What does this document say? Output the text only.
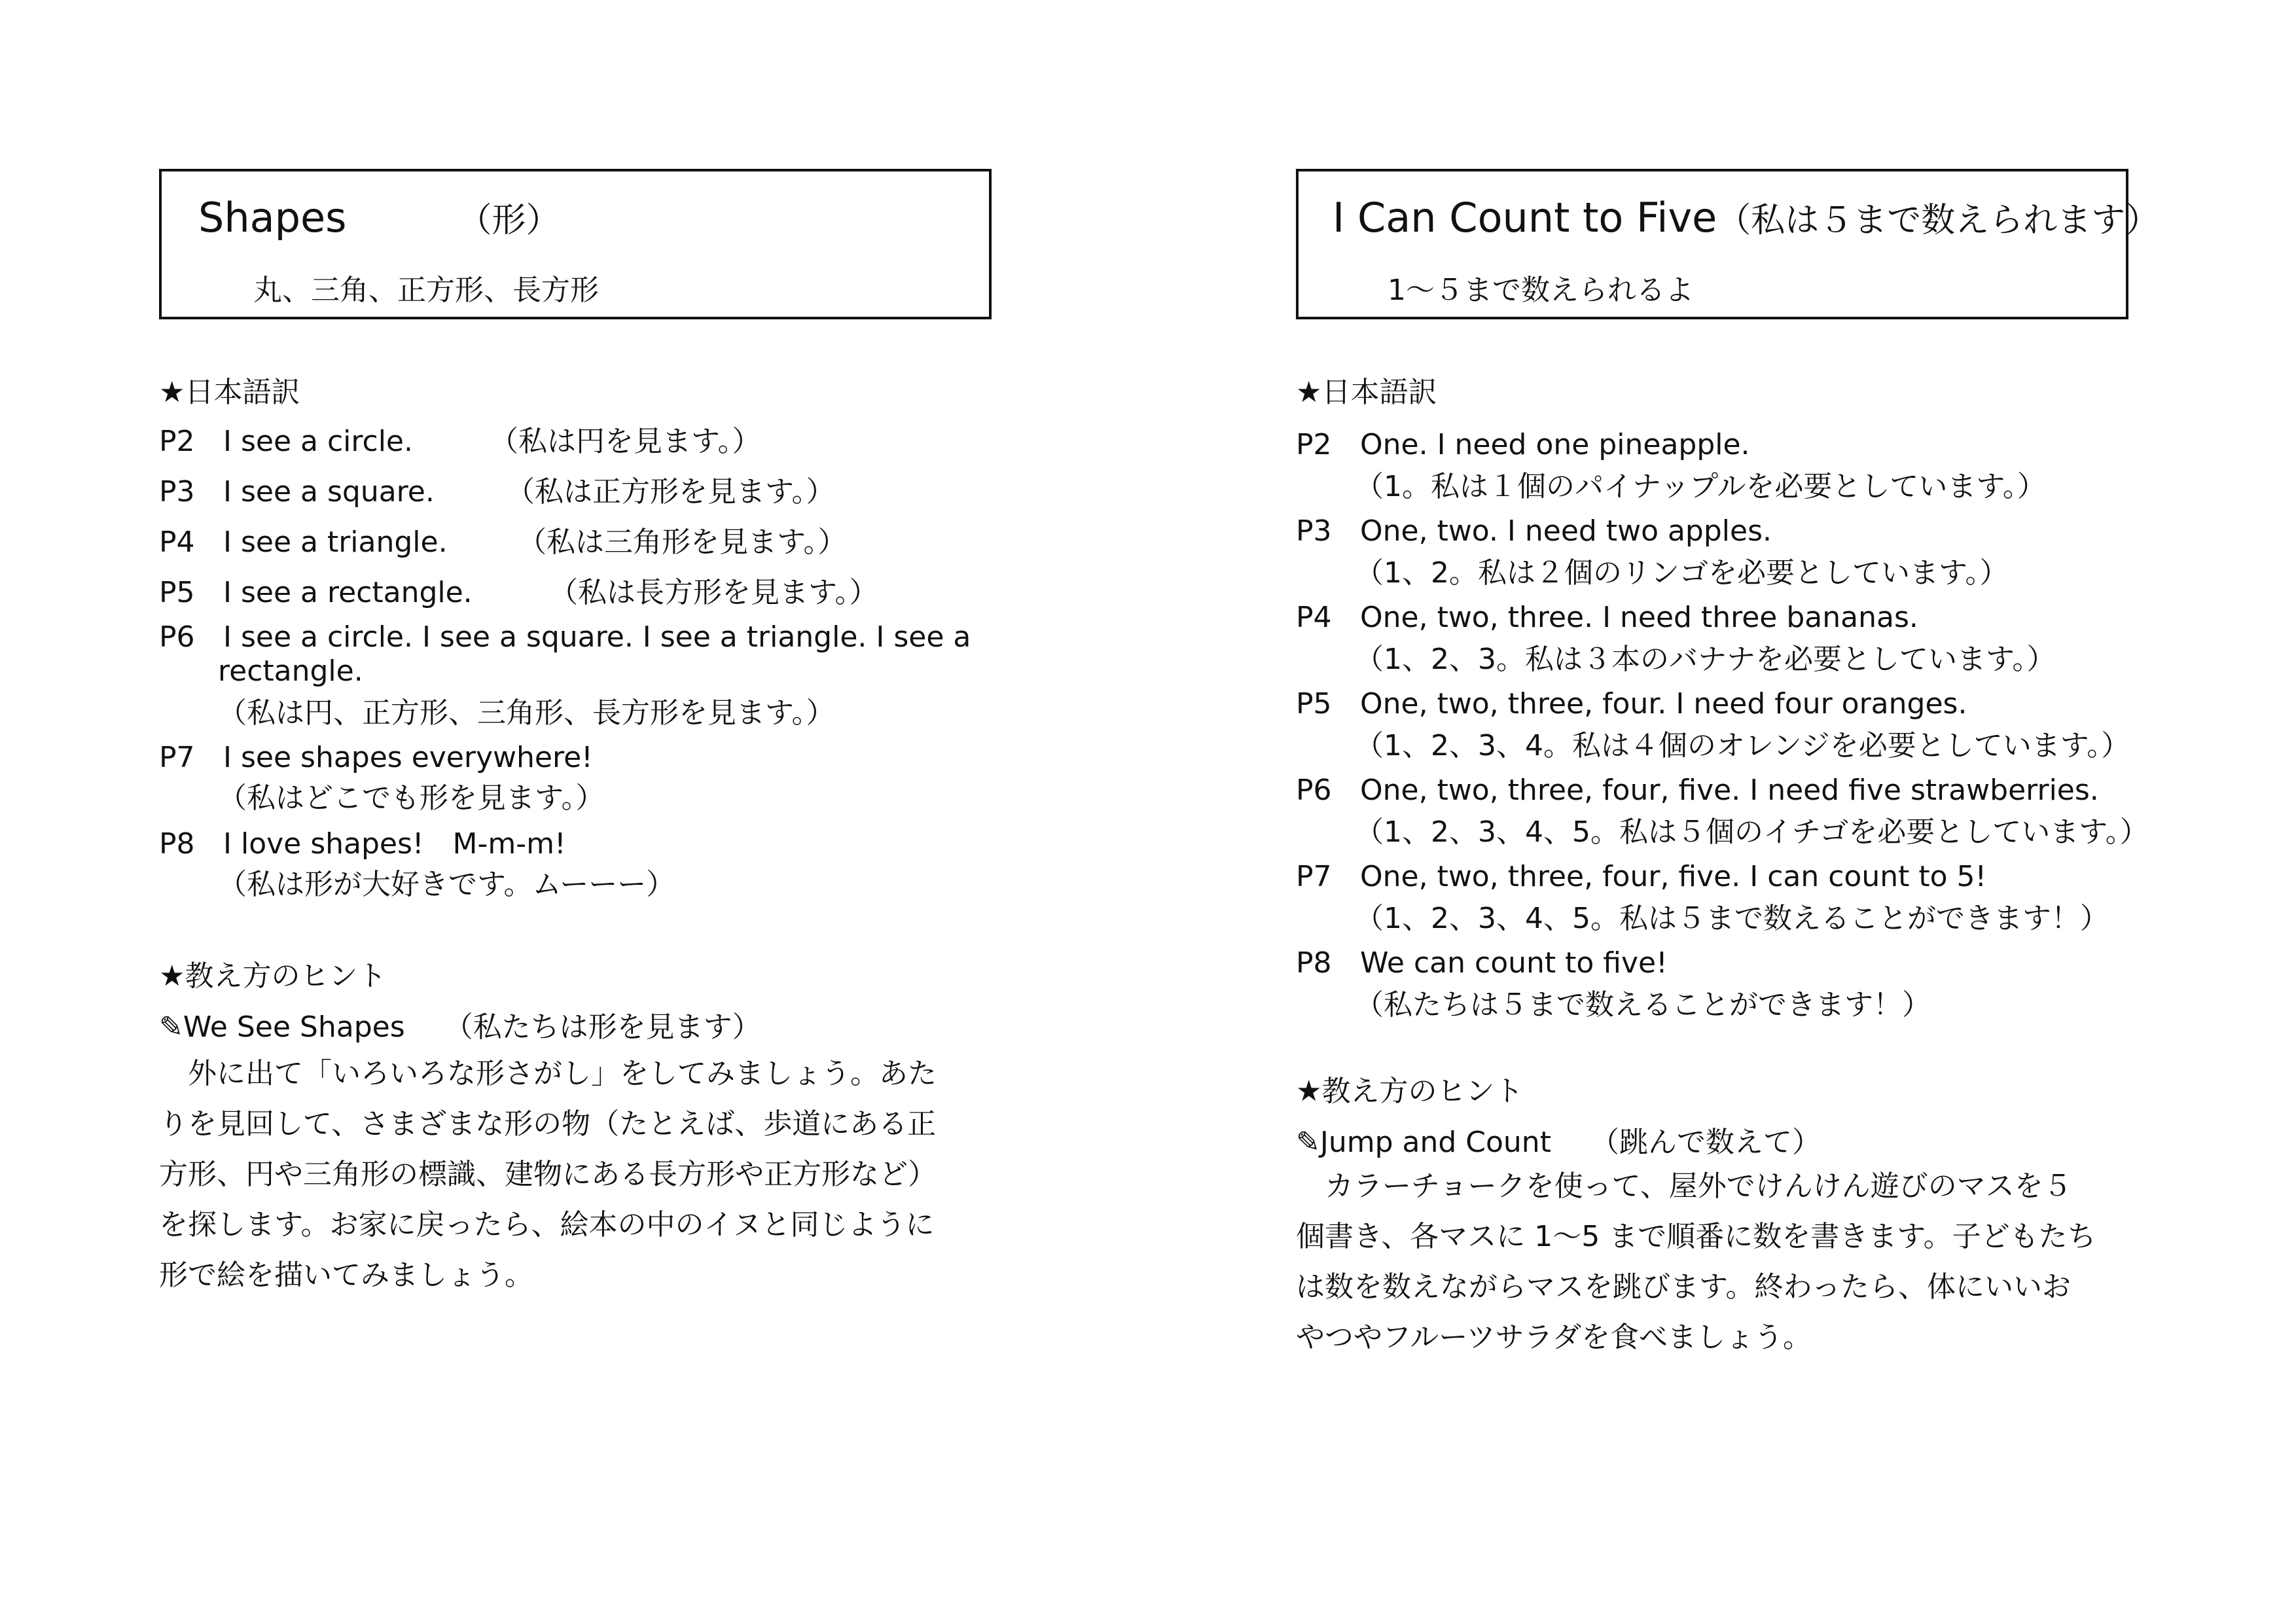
Shapes	（形）
丸、三角、正方形、長方形
★日本語訳
P2 I see a circle.	（私は円を見ます。）
P3 I see a square. （私は正方形を見ます。）
P4 I see a triangle. （私は三角形を見ます。）
P5 I see a rectangle.	（私は長方形を見ます。）
P6 I see a circle. I see a square. I see a triangle. I see a
rectangle.
（私は円、正方形、三角形、長方形を見ます。）
P7 I see shapes everywhere!
（私はどこでも形を見ます。）
P8 I love shapes!　M-m-m!
（私は形が大好きです。ムーーー）
★教え方のヒント
✎We See Shapes （私たちは形を見ます）
　外に出て「いろいろな形さがし」をしてみましょう。あた
りを見回して、さまざまな形の物（たとえば、歩道にある正
方形、円や三角形の標識、建物にある長方形や正方形など）
を探します。お家に戻ったら、絵本の中のイヌと同じように
形で絵を描いてみましょう。
I Can Count to Five（私は５まで数えられます）
1〜５まで数えられるよ
★日本語訳
P2 One. I need one pineapple.
（1。私は１個のパイナップルを必要としています。）
P3 One, two. I need two apples.
（1、2。私は２個のリンゴを必要としています。）
P4 One, two, three. I need three bananas.
（1、2、3。私は３本のバナナを必要としています。）
P5 One, two, three, four. I need four oranges.
（1、2、3、4。私は４個のオレンジを必要としています。）
P6 One, two, three, four, five. I need five strawberries.
（1、2、3、4、5。私は５個のイチゴを必要としています。）
P7 One, two, three, four, five. I can count to 5!
（1、2、3、4、5。私は５まで数えることができます！）
P8 We can count to five!
（私たちは５まで数えることができます！）
★教え方のヒント
✎Jump and Count （跳んで数えて）
　カラーチョークを使って、屋外でけんけん遊びのマスを５
個書き、各マスに 1〜5 まで順番に数を書きます。子どもたち
は数を数えながらマスを跳びます。終わったら、体にいいお
やつやフルーツサラダを食べましょう。
